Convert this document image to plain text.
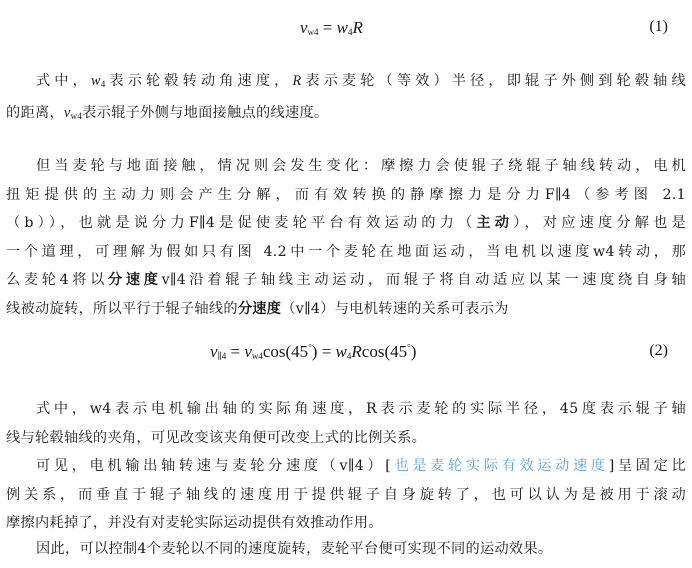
$v_{w4} = w_4R$	(1)
式中，$w_4$表示轮毂转动角速度，R表示麦轮（等效）半径，即辊子外侧到轮毂轴线
的距离，$v_{w4}$表示辊子外侧与地面接触点的线速度。
但当麦轮与地面接触，情况则会发生变化：摩擦力会使辊子绕辊子轴线转动，电机
扭矩提供的主动力则会产生分解，而有效转换的静摩擦力是分力F∥4（参考图 2.1
（b）），也就是说分力F∥4是促使麦轮平台有效运动的力（主动），对应速度分解也是
一个道理，可理解为假如只有图 4.2中一个麦轮在地面运动，当电机以速度w4转动，那
么麦轮4将以分速度v∥4沿着辊子轴线主动运动，而辊子将自动适应以某一速度绕自身轴
线被动旋转，所以平行于辊子轴线的分速度（v∥4）与电机转速的关系可表示为
$v_{\parallel 4} = v_{w4}\cos(45^\circ) = w_4Rcos(45^\circ)$	(2)
式中，w4表示电机输出轴的实际角速度，R表示麦轮的实际半径，45度表示辊子轴
线与轮毂轴线的夹角，可见改变该夹角便可改变上式的比例关系。
可见，电机输出轴转速与麦轮分速度（v∥4）[也是麦轮实际有效运动速度]呈固定比
例关系，而垂直于辊子轴线的速度用于提供辊子自身旋转了，也可以认为是被用于滚动
摩擦内耗掉了，并没有对麦轮实际运动提供有效推动作用。
因此，可以控制4个麦轮以不同的速度旋转，麦轮平台便可实现不同的运动效果。
